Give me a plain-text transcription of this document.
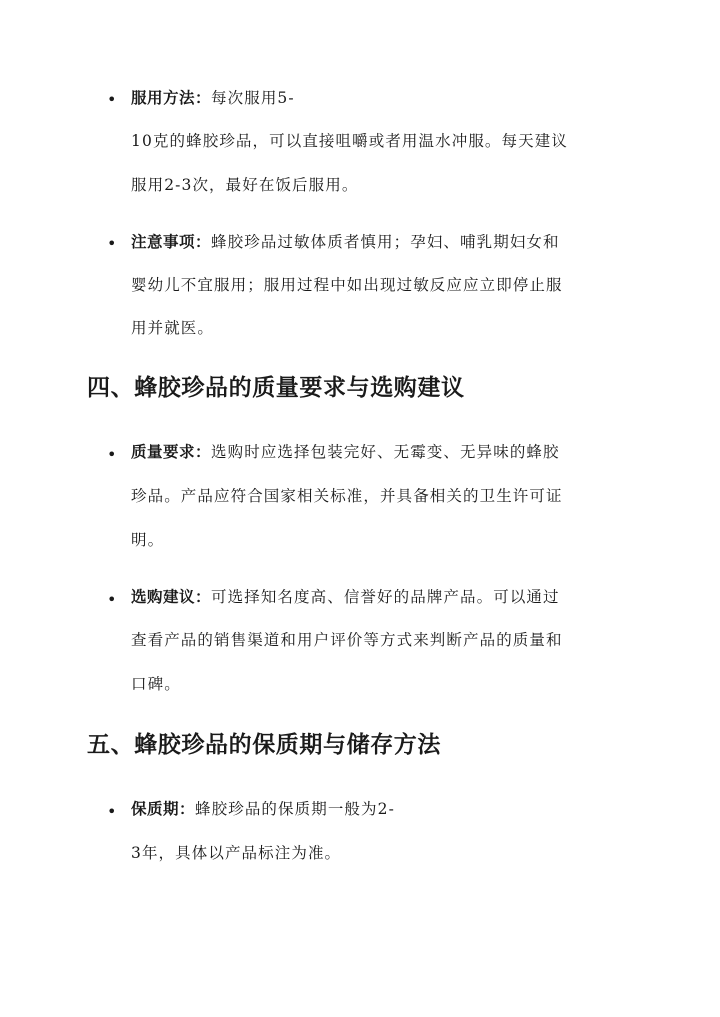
• 服用方法：每次服用5-
10克的蜂胶珍品，可以直接咀嚼或者用温水冲服。每天建议
服用2-3次，最好在饭后服用。
• 注意事项：蜂胶珍品过敏体质者慎用；孕妇、哺乳期妇女和
婴幼儿不宜服用；服用过程中如出现过敏反应应立即停止服
用并就医。
四、蜂胶珍品的质量要求与选购建议
• 质量要求：选购时应选择包装完好、无霉变、无异味的蜂胶
珍品。产品应符合国家相关标准，并具备相关的卫生许可证
明。
• 选购建议：可选择知名度高、信誉好的品牌产品。可以通过
查看产品的销售渠道和用户评价等方式来判断产品的质量和
口碑。
五、蜂胶珍品的保质期与储存方法
• 保质期：蜂胶珍品的保质期一般为2-
3年，具体以产品标注为准。
